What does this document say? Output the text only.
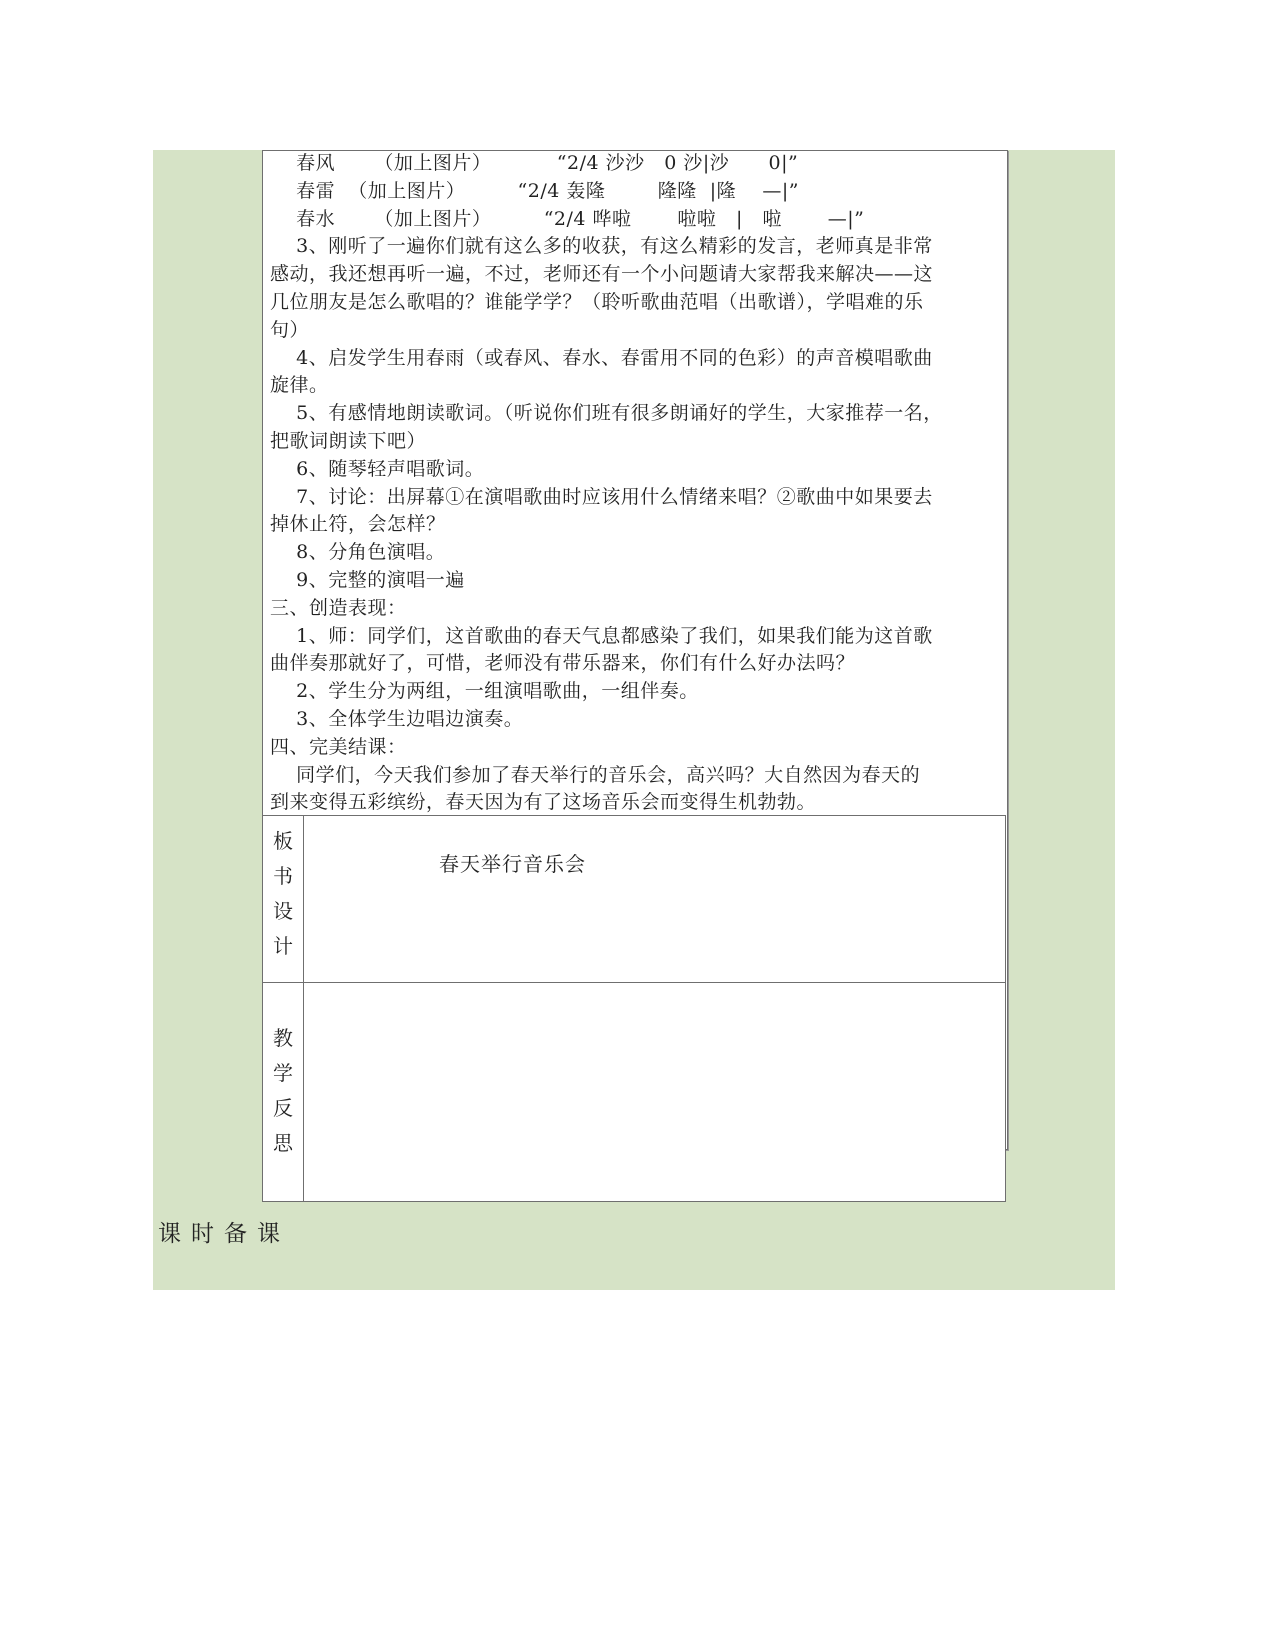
春风      （加上图片）          “2/4 沙沙   0 沙|沙      0|”
春雷  （加上图片）        “2/4 轰隆        隆隆  |隆    —|”
春水      （加上图片）        “2/4 哗啦       啦啦   |   啦       —|”
3、刚听了一遍你们就有这么多的收获，有这么精彩的发言，老师真是非常
感动，我还想再听一遍，不过，老师还有一个小问题请大家帮我来解决——这
几位朋友是怎么歌唱的？谁能学学？（聆听歌曲范唱（出歌谱），学唱难的乐
句）
4、启发学生用春雨（或春风、春水、春雷用不同的色彩）的声音模唱歌曲
旋律。
5、有感情地朗读歌词。（听说你们班有很多朗诵好的学生，大家推荐一名，
把歌词朗读下吧）
6、随琴轻声唱歌词。
7、讨论：出屏幕①在演唱歌曲时应该用什么情绪来唱？②歌曲中如果要去
掉休止符，会怎样？
8、分角色演唱。
9、完整的演唱一遍
三、创造表现：
1、师：同学们，这首歌曲的春天气息都感染了我们，如果我们能为这首歌
曲伴奏那就好了，可惜，老师没有带乐器来，你们有什么好办法吗？
2、学生分为两组，一组演唱歌曲，一组伴奏。
3、全体学生边唱边演奏。
四、完美结课：
同学们，今天我们参加了春天举行的音乐会，高兴吗？大自然因为春天的
到来变得五彩缤纷，春天因为有了这场音乐会而变得生机勃勃。
板
书
设
计
春天举行音乐会
教
学
反
思
课时备课
